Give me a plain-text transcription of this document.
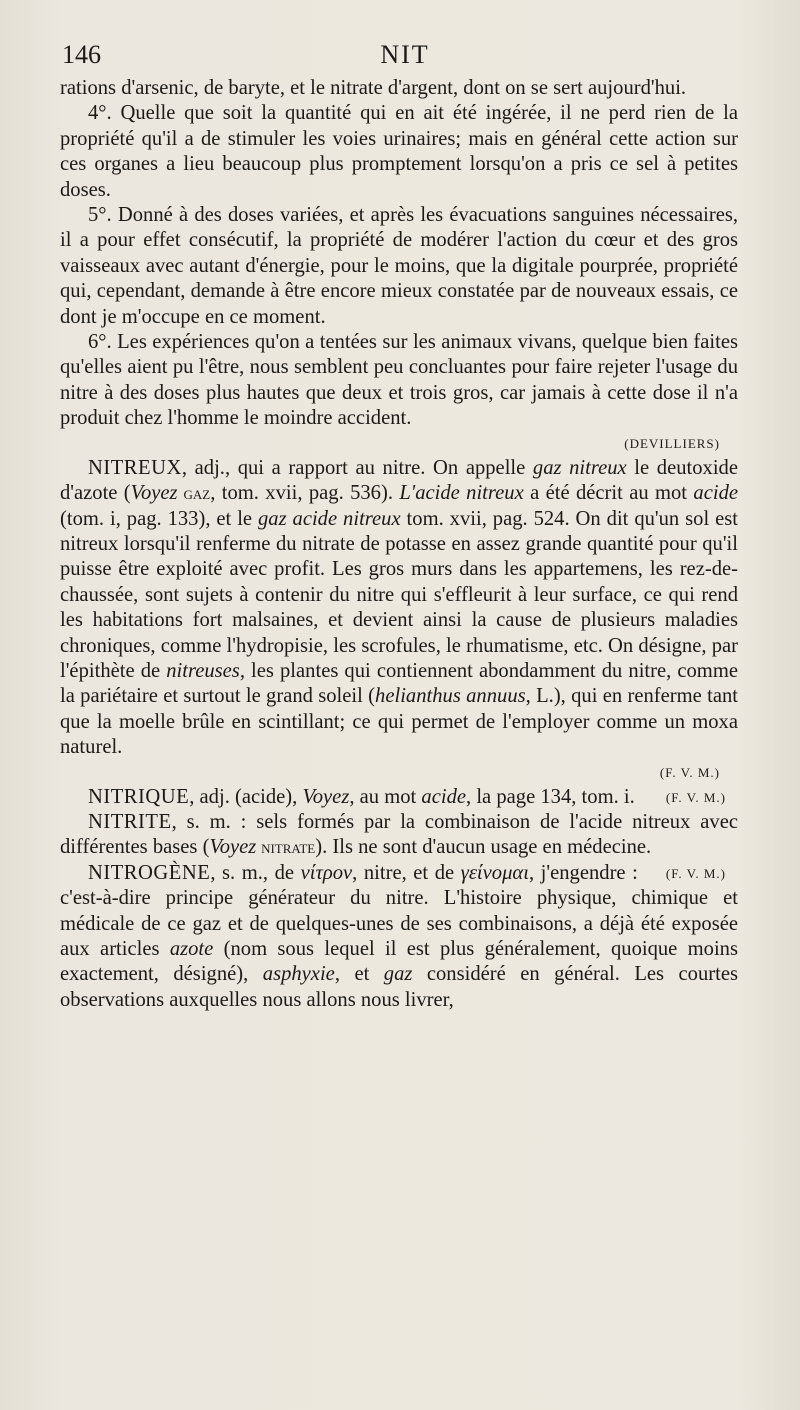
146	NIT

rations d'arsenic, de baryte, et le nitrate d'argent, dont on se sert aujourd'hui.

4°. Quelle que soit la quantité qui en ait été ingérée, il ne perd rien de la propriété qu'il a de stimuler les voies urinaires; mais en général cette action sur ces organes a lieu beaucoup plus promptement lorsqu'on a pris ce sel à petites doses.

5°. Donné à des doses variées, et après les évacuations sanguines nécessaires, il a pour effet consécutif, la propriété de modérer l'action du cœur et des gros vaisseaux avec autant d'énergie, pour le moins, que la digitale pourprée, propriété qui, cependant, demande à être encore mieux constatée par de nouveaux essais, ce dont je m'occupe en ce moment.

6°. Les expériences qu'on a tentées sur les animaux vivans, quelque bien faites qu'elles aient pu l'être, nous semblent peu concluantes pour faire rejeter l'usage du nitre à des doses plus hautes que deux et trois gros, car jamais à cette dose il n'a produit chez l'homme le moindre accident.

(DEVILLIERS)

NITREUX, adj., qui a rapport au nitre. On appelle gaz nitreux le deutoxide d'azote (Voyez gaz, tom. xvii, pag. 536). L'acide nitreux a été décrit au mot acide (tom. i, pag. 133), et le gaz acide nitreux tom. xvii, pag. 524. On dit qu'un sol est nitreux lorsqu'il renferme du nitrate de potasse en assez grande quantité pour qu'il puisse être exploité avec profit. Les gros murs dans les appartemens, les rez-de-chaussée, sont sujets à contenir du nitre qui s'effleurit à leur surface, ce qui rend les habitations fort malsaines, et devient ainsi la cause de plusieurs maladies chroniques, comme l'hydropisie, les scrofules, le rhumatisme, etc. On désigne, par l'épithète de nitreuses, les plantes qui contiennent abondamment du nitre, comme la pariétaire et surtout le grand soleil (helianthus annuus, L.), qui en renferme tant que la moelle brûle en scintillant; ce qui permet de l'employer comme un moxa naturel.

(F. V. M.)

NITRIQUE, adj. (acide), Voyez, au mot acide, la page 134, tom. i.	(F. V. M.)

NITRITE, s. m. : sels formés par la combinaison de l'acide nitreux avec différentes bases (Voyez nitrate). Ils ne sont d'aucun usage en médecine.
(F. V. M.)

NITROGÈNE, s. m., de νίτρον, nitre, et de γείνομαι, j'engendre : c'est-à-dire principe générateur du nitre. L'histoire physique, chimique et médicale de ce gaz et de quelques-unes de ses combinaisons, a déjà été exposée aux articles azote (nom sous lequel il est plus généralement, quoique moins exactement, désigné), asphyxie, et gaz considéré en général. Les courtes observations auxquelles nous allons nous livrer,
